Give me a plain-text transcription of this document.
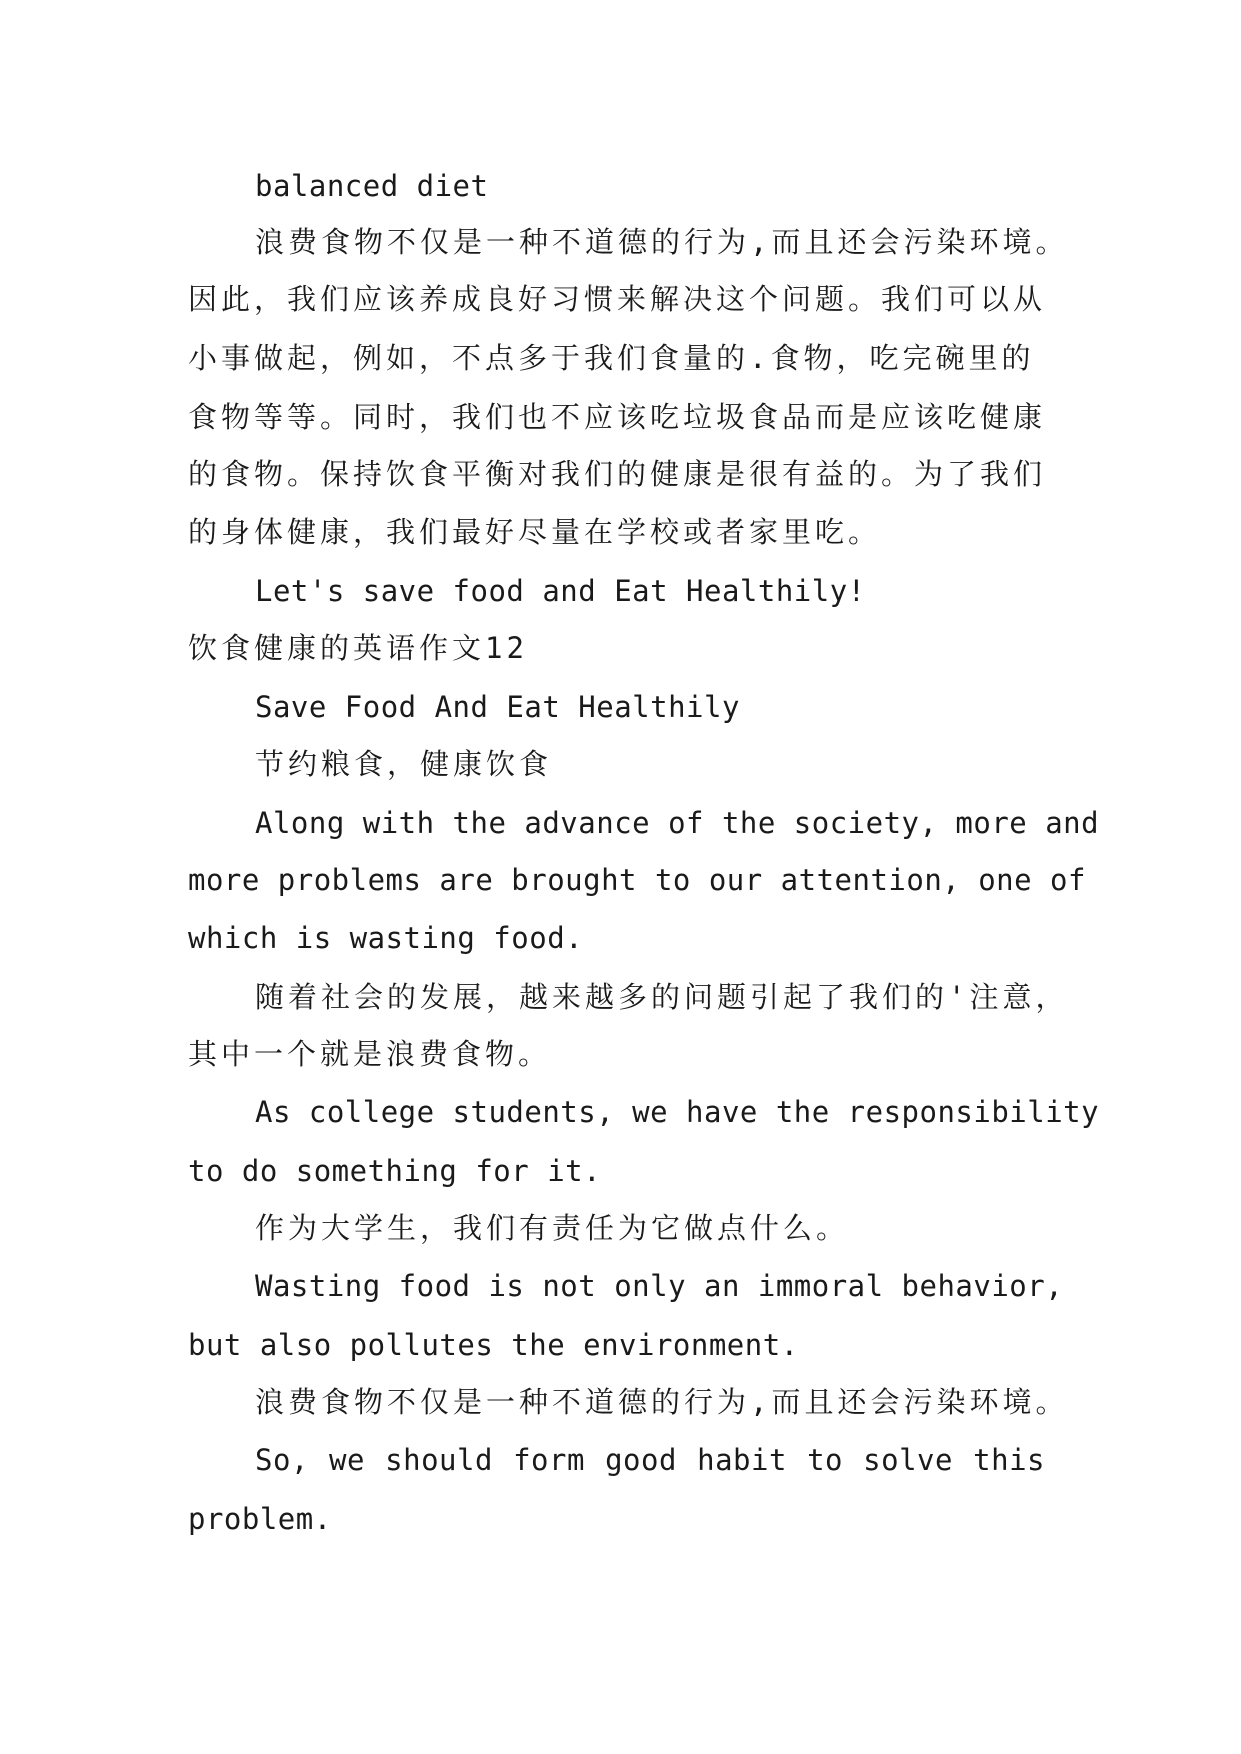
balanced diet
浪费食物不仅是一种不道德的行为,而且还会污染环境。
因此，我们应该养成良好习惯来解决这个问题。我们可以从
小事做起，例如，不点多于我们食量的.食物，吃完碗里的
食物等等。同时，我们也不应该吃垃圾食品而是应该吃健康
的食物。保持饮食平衡对我们的健康是很有益的。为了我们
的身体健康，我们最好尽量在学校或者家里吃。
Let's save food and Eat Healthily!
饮食健康的英语作文12
Save Food And Eat Healthily
节约粮食，健康饮食
Along with the advance of the society, more and
more problems are brought to our attention, one of
which is wasting food.
随着社会的发展，越来越多的问题引起了我们的'注意，
其中一个就是浪费食物。
As college students, we have the responsibility
to do something for it.
作为大学生，我们有责任为它做点什么。
Wasting food is not only an immoral behavior,
but also pollutes the environment.
浪费食物不仅是一种不道德的行为,而且还会污染环境。
So, we should form good habit to solve this
problem.
